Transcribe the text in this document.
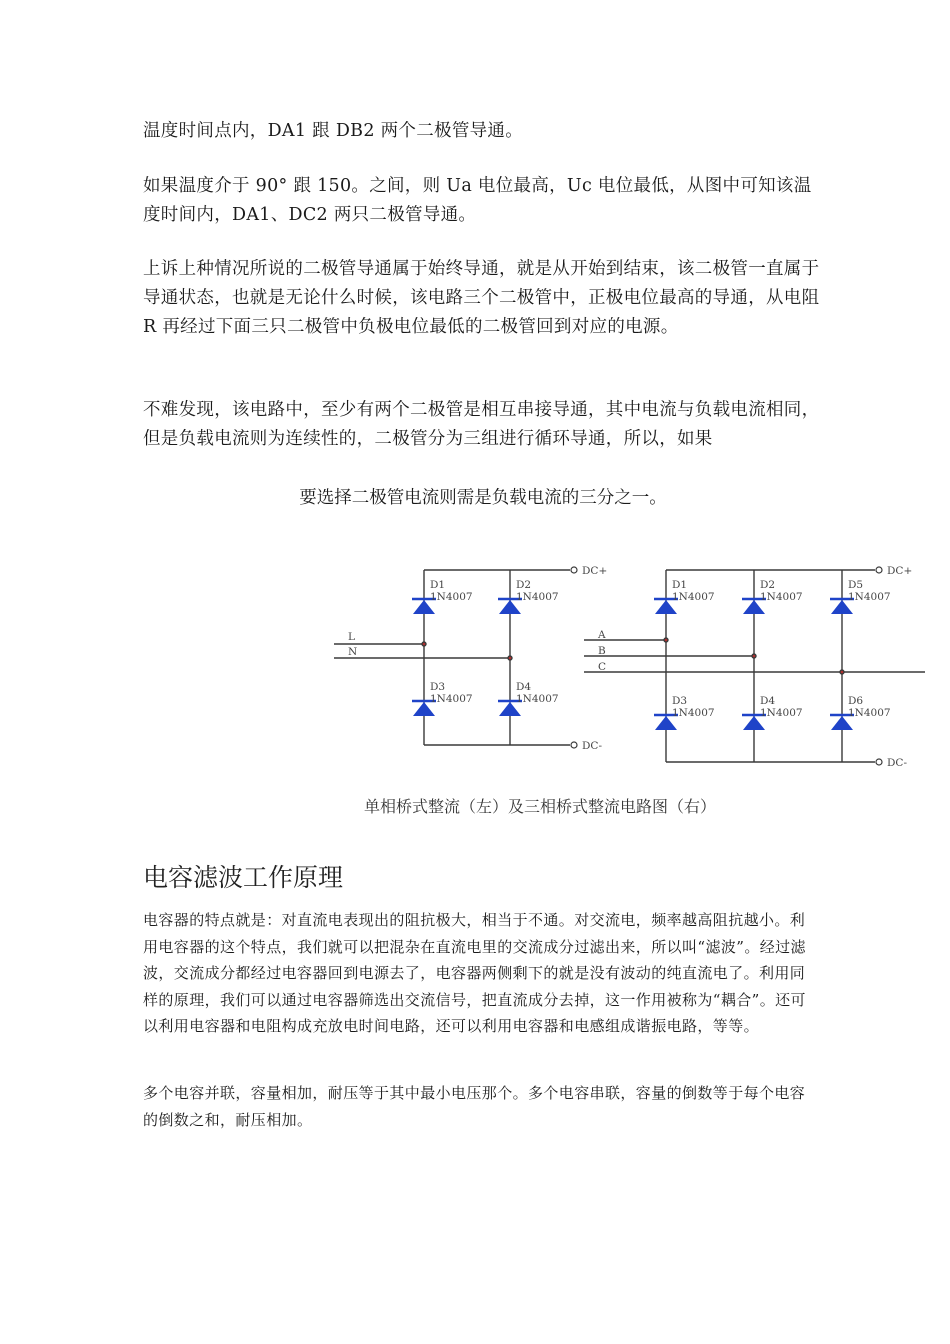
温度时间点内，DA1 跟 DB2 两个二极管导通。

如果温度介于 90° 跟 150。之间，则 Ua 电位最高，Uc 电位最低，从图中可知该温度时间内，DA1、DC2 两只二极管导通。

上诉上种情况所说的二极管导通属于始终导通，就是从开始到结束，该二极管一直属于导通状态，也就是无论什么时候，该电路三个二极管中，正极电位最高的导通，从电阻 R 再经过下面三只二极管中负极电位最低的二极管回到对应的电源。

不难发现，该电路中，至少有两个二极管是相互串接导通，其中电流与负载电流相同，但是负载电流则为连续性的，二极管分为三组进行循环导通，所以，如果

要选择二极管电流则需是负载电流的三分之一。

DC+
DC-
L
N
D1
1N4007
D2
1N4007
D3
1N4007
D4
1N4007
DC+
DC-
A
B
C
D1
1N4007
D2
1N4007
D5
1N4007
D3
1N4007
D4
1N4007
D6
1N4007
单相桥式整流（左）及三相桥式整流电路图（右）
电容滤波工作原理

电容器的特点就是：对直流电表现出的阻抗极大，相当于不通。对交流电，频率越高阻抗越小。利用电容器的这个特点，我们就可以把混杂在直流电里的交流成分过滤出来，所以叫“滤波”。经过滤波，交流成分都经过电容器回到电源去了，电容器两侧剩下的就是没有波动的纯直流电了。利用同样的原理，我们可以通过电容器筛选出交流信号，把直流成分去掉，这一作用被称为“耦合”。还可以利用电容器和电阻构成充放电时间电路，还可以利用电容器和电感组成谐振电路，等等。

多个电容并联，容量相加，耐压等于其中最小电压那个。多个电容串联，容量的倒数等于每个电容的倒数之和，耐压相加。
